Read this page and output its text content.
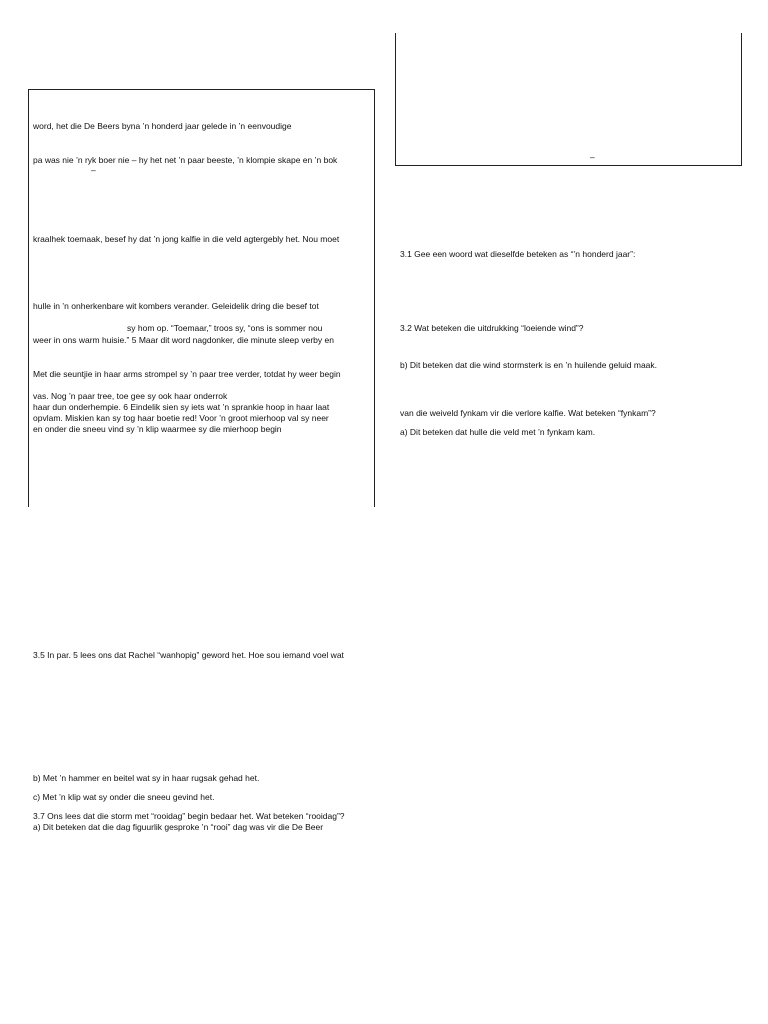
–
word, het die De Beers byna ’n honderd jaar gelede in ’n eenvoudige
pa was nie ’n ryk boer nie – hy het net ’n paar beeste, ’n klompie skape en ’n bok
–
kraalhek toemaak, besef hy dat ’n jong kalfie in die veld agtergebly het. Nou moet
hulle in ’n onherkenbare wit kombers verander. Geleidelik dring die besef tot
sy hom op. “Toemaar,” troos sy, “ons is sommer nou
weer in ons warm huisie.” 5 Maar dit word nagdonker, die minute sleep verby en
Met die seuntjie in haar arms strompel sy ’n paar tree verder, totdat hy weer begin
vas. Nog ’n paar tree, toe gee sy ook haar onderrok
haar dun onderhempie. 6 Eindelik sien sy iets wat ’n sprankie hoop in haar laat
opvlam. Miskien kan sy tog haar boetie red! Voor ’n groot mierhoop val sy neer
en onder die sneeu vind sy ’n klip waarmee sy die mierhoop begin
3.1 Gee een woord wat dieselfde beteken as “’n honderd jaar”:
3.2 Wat beteken die uitdrukking “loeiende wind”?
b) Dit beteken dat die wind stormsterk is en ’n huilende geluid maak.
van die weiveld fynkam vir die verlore kalfie. Wat beteken “fynkam”?
a) Dit beteken dat hulle die veld met ’n fynkam kam.
3.5 In par. 5 lees ons dat Rachel “wanhopig” geword het. Hoe sou iemand voel wat
b) Met ’n hammer en beitel wat sy in haar rugsak gehad het.
c) Met ’n klip wat sy onder die sneeu gevind het.
3.7 Ons lees dat die storm met “rooidag” begin bedaar het. Wat beteken “rooidag”?
a) Dit beteken dat die dag figuurlik gesproke ’n “rooi” dag was vir die De Beer
